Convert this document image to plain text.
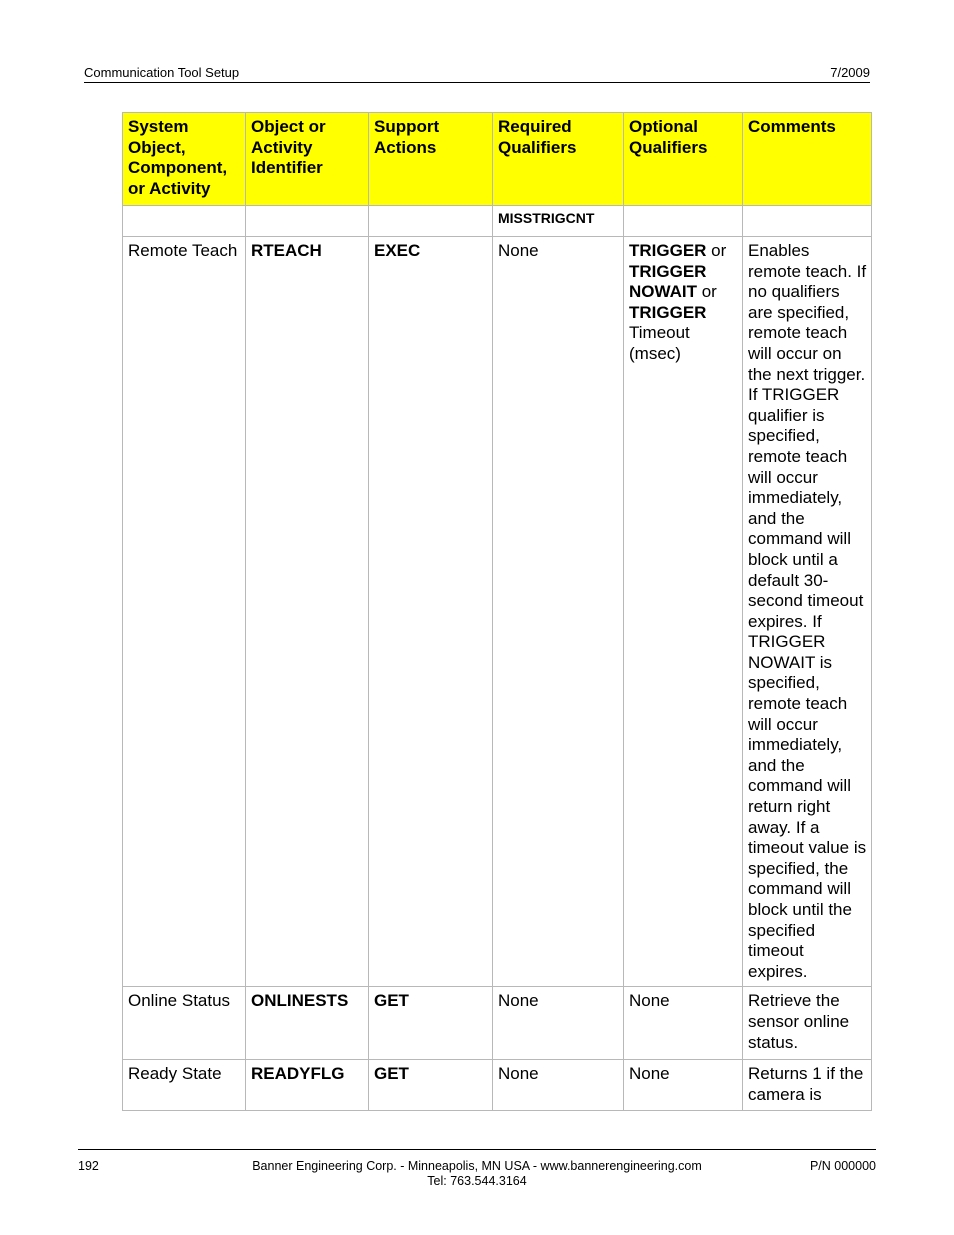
Communication Tool Setup	7/2009
System Object, Component, or Activity	Object or Activity Identifier	Support Actions	Required Qualifiers	Optional Qualifiers	Comments
			MISSTRIGCNT		
Remote Teach	RTEACH	EXEC	None	TRIGGER or TRIGGER NOWAIT or TRIGGER Timeout (msec)	Enables remote teach. If no qualifiers are specified, remote teach will occur on the next trigger. If TRIGGER qualifier is specified, remote teach will occur immediately, and the command will block until a default 30-second timeout expires. If TRIGGER NOWAIT is specified, remote teach will occur immediately, and the command will return right away. If a timeout value is specified, the command will block until the specified timeout expires.
Online Status	ONLINESTS	GET	None	None	Retrieve the sensor online status.
Ready State	READYFLG	GET	None	None	Returns 1 if the camera is
192	Banner Engineering Corp. - Minneapolis, MN USA - www.bannerengineering.com
Tel: 763.544.3164
P/N 000000
